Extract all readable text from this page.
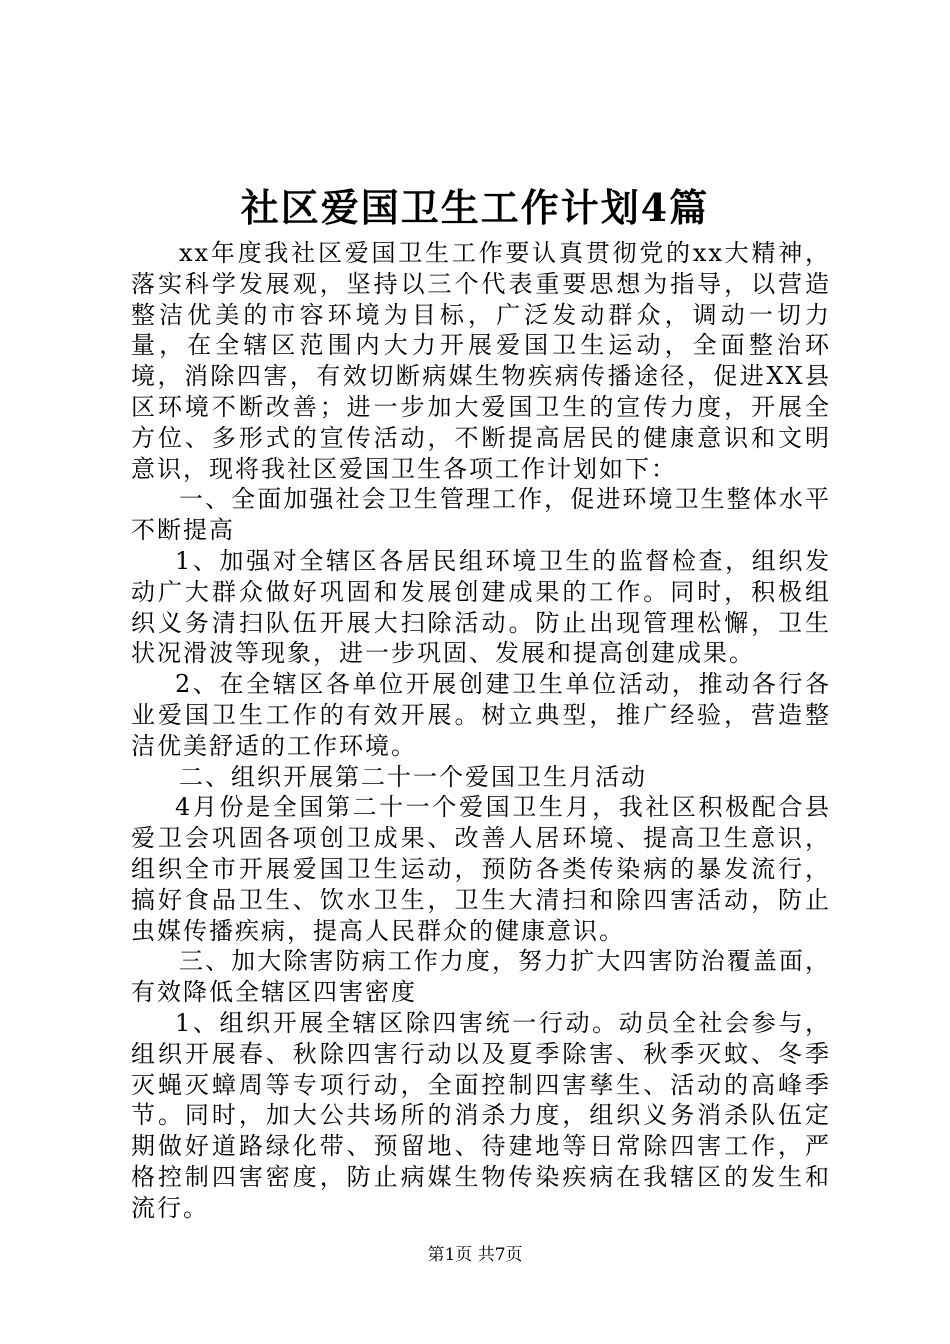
社区爱国卫生工作计划4篇

xx年度我社区爱国卫生工作要认真贯彻党的xx大精神，落实科学发展观，坚持以三个代表重要思想为指导，以营造整洁优美的市容环境为目标，广泛发动群众，调动一切力量，在全辖区范围内大力开展爱国卫生运动，全面整治环境，消除四害，有效切断病媒生物疾病传播途径，促进XX县区环境不断改善；进一步加大爱国卫生的宣传力度，开展全方位、多形式的宣传活动，不断提高居民的健康意识和文明意识，现将我社区爱国卫生各项工作计划如下：

一、全面加强社会卫生管理工作，促进环境卫生整体水平不断提高

1、加强对全辖区各居民组环境卫生的监督检查，组织发动广大群众做好巩固和发展创建成果的工作。同时，积极组织义务清扫队伍开展大扫除活动。防止出现管理松懈，卫生状况滑波等现象，进一步巩固、发展和提高创建成果。

2、在全辖区各单位开展创建卫生单位活动，推动各行各业爱国卫生工作的有效开展。树立典型，推广经验，营造整洁优美舒适的工作环境。

二、组织开展第二十一个爱国卫生月活动

4月份是全国第二十一个爱国卫生月，我社区积极配合县爱卫会巩固各项创卫成果、改善人居环境、提高卫生意识，组织全市开展爱国卫生运动，预防各类传染病的暴发流行，搞好食品卫生、饮水卫生，卫生大清扫和除四害活动，防止虫媒传播疾病，提高人民群众的健康意识。

三、加大除害防病工作力度，努力扩大四害防治覆盖面，有效降低全辖区四害密度

1、组织开展全辖区除四害统一行动。动员全社会参与，组织开展春、秋除四害行动以及夏季除害、秋季灭蚊、冬季灭蝇灭蟑周等专项行动，全面控制四害孳生、活动的高峰季节。同时，加大公共场所的消杀力度，组织义务消杀队伍定期做好道路绿化带、预留地、待建地等日常除四害工作，严格控制四害密度，防止病媒生物传染疾病在我辖区的发生和流行。

第1页 共7页
